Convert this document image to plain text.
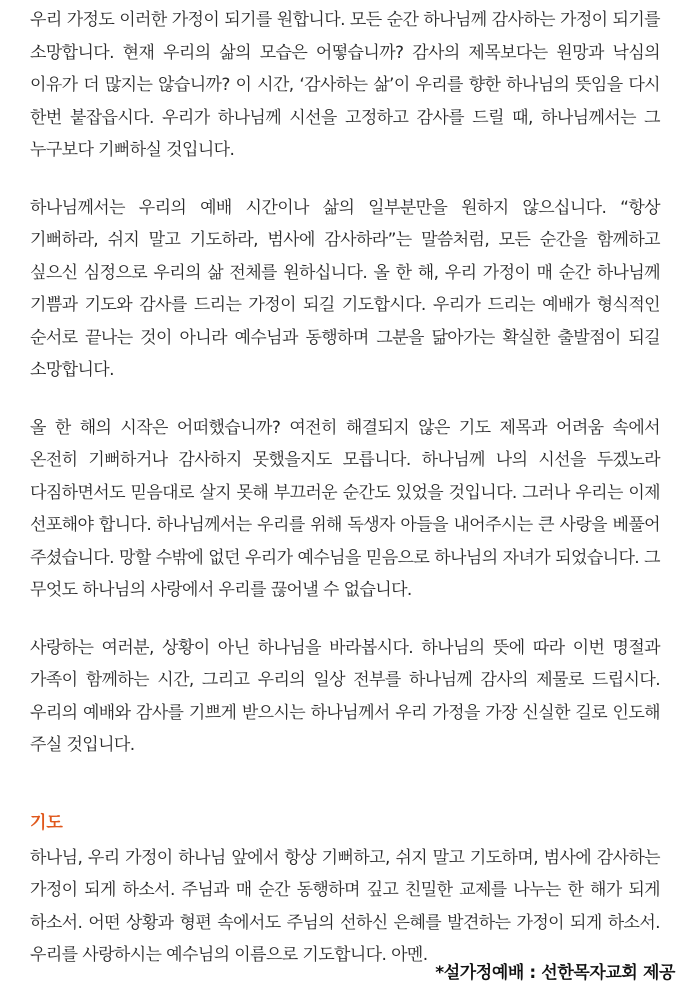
우리 가정도 이러한 가정이 되기를 원합니다. 모든 순간 하나님께 감사하는 가정이 되기를 소망합니다. 현재 우리의 삶의 모습은 어떻습니까? 감사의 제목보다는 원망과 낙심의 이유가 더 많지는 않습니까? 이 시간, ‘감사하는 삶’이 우리를 향한 하나님의 뜻임을 다시 한번 붙잡읍시다. 우리가 하나님께 시선을 고정하고 감사를 드릴 때, 하나님께서는 그 누구보다 기뻐하실 것입니다.

하나님께서는 우리의 예배 시간이나 삶의 일부분만을 원하지 않으십니다. “항상 기뻐하라, 쉬지 말고 기도하라, 범사에 감사하라”는 말씀처럼, 모든 순간을 함께하고 싶으신 심정으로 우리의 삶 전체를 원하십니다. 올 한 해, 우리 가정이 매 순간 하나님께 기쁨과 기도와 감사를 드리는 가정이 되길 기도합시다. 우리가 드리는 예배가 형식적인 순서로 끝나는 것이 아니라 예수님과 동행하며 그분을 닮아가는 확실한 출발점이 되길 소망합니다.

올 한 해의 시작은 어떠했습니까? 여전히 해결되지 않은 기도 제목과 어려움 속에서 온전히 기뻐하거나 감사하지 못했을지도 모릅니다. 하나님께 나의 시선을 두겠노라 다짐하면서도 믿음대로 살지 못해 부끄러운 순간도 있었을 것입니다. 그러나 우리는 이제 선포해야 합니다. 하나님께서는 우리를 위해 독생자 아들을 내어주시는 큰 사랑을 베풀어 주셨습니다. 망할 수밖에 없던 우리가 예수님을 믿음으로 하나님의 자녀가 되었습니다. 그 무엇도 하나님의 사랑에서 우리를 끊어낼 수 없습니다.

사랑하는 여러분, 상황이 아닌 하나님을 바라봅시다. 하나님의 뜻에 따라 이번 명절과 가족이 함께하는 시간, 그리고 우리의 일상 전부를 하나님께 감사의 제물로 드립시다. 우리의 예배와 감사를 기쁘게 받으시는 하나님께서 우리 가정을 가장 신실한 길로 인도해 주실 것입니다.

기도

하나님, 우리 가정이 하나님 앞에서 항상 기뻐하고, 쉬지 말고 기도하며, 범사에 감사하는 가정이 되게 하소서. 주님과 매 순간 동행하며 깊고 친밀한 교제를 나누는 한 해가 되게 하소서. 어떤 상황과 형편 속에서도 주님의 선하신 은혜를 발견하는 가정이 되게 하소서. 우리를 사랑하시는 예수님의 이름으로 기도합니다. 아멘.

*설가정예배 : 선한목자교회 제공
